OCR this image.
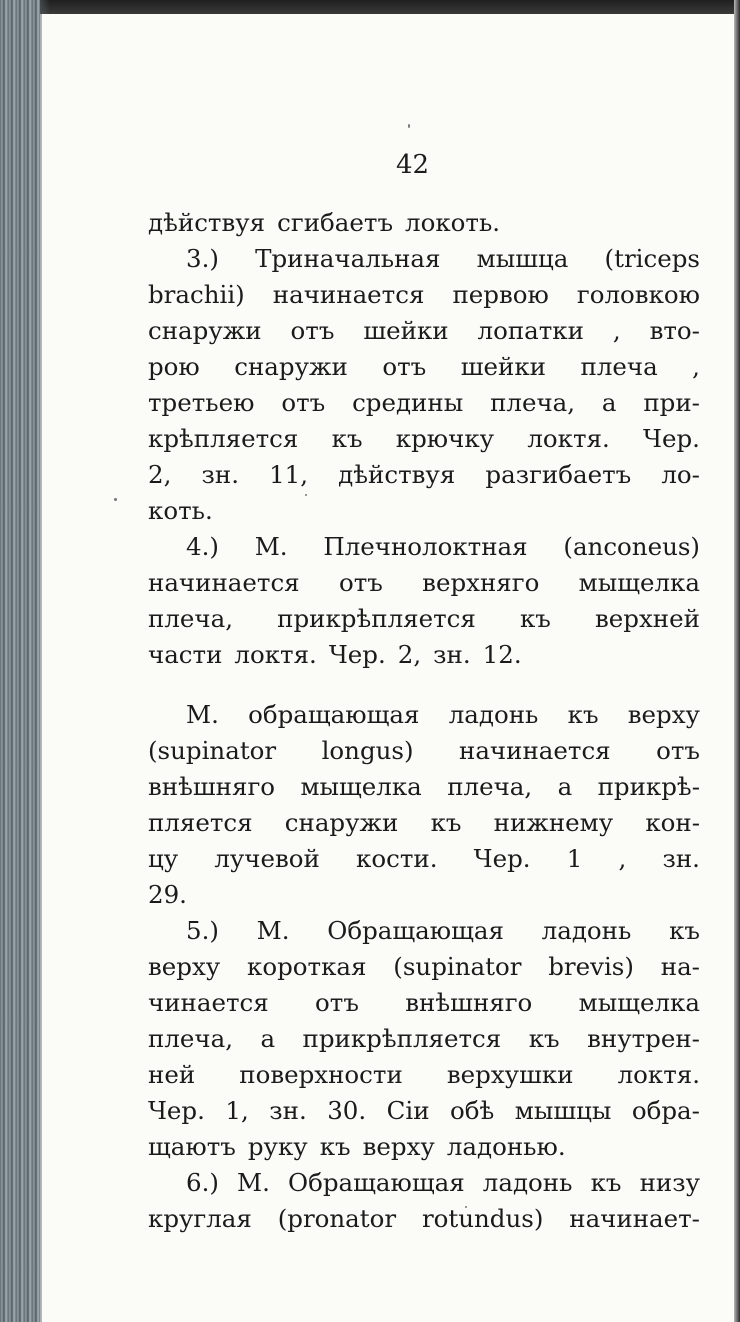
42
дѣйствуя сгибаетъ локоть.
3.) Триначальная мышца (triceps
brachii) начинается первою головкою
снаружи отъ шейки лопатки , вто-
рою снаружи отъ шейки плеча ,
третьею отъ средины плеча, а при-
крѣпляется къ крючку локтя. Чер.
2, зн. 11, дѣйствуя разгибаетъ ло-
коть.
4.) М. Плечнолоктная (anconeus)
начинается отъ верхняго мыщелка
плеча, прикрѣпляется къ верхней
части локтя. Чер. 2, зн. 12.
М. обращающая ладонь къ верху
(supinator longus) начинается отъ
внѣшняго мыщелка плеча, а прикрѣ-
пляется снаружи къ нижнему кон-
цу лучевой кости. Чер. 1 , зн.
29.
5.) М. Обращающая ладонь къ
верху короткая (supinator brevis) на-
чинается отъ внѣшняго мыщелка
плеча, а прикрѣпляется къ внутрен-
ней поверхности верхушки локтя.
Чер. 1, зн. 30. Сіи обѣ мышцы обра-
щаютъ руку къ верху ладонью.
6.) М. Обращающая ладонь къ низу
круглая (pronator rotundus) начинает-
